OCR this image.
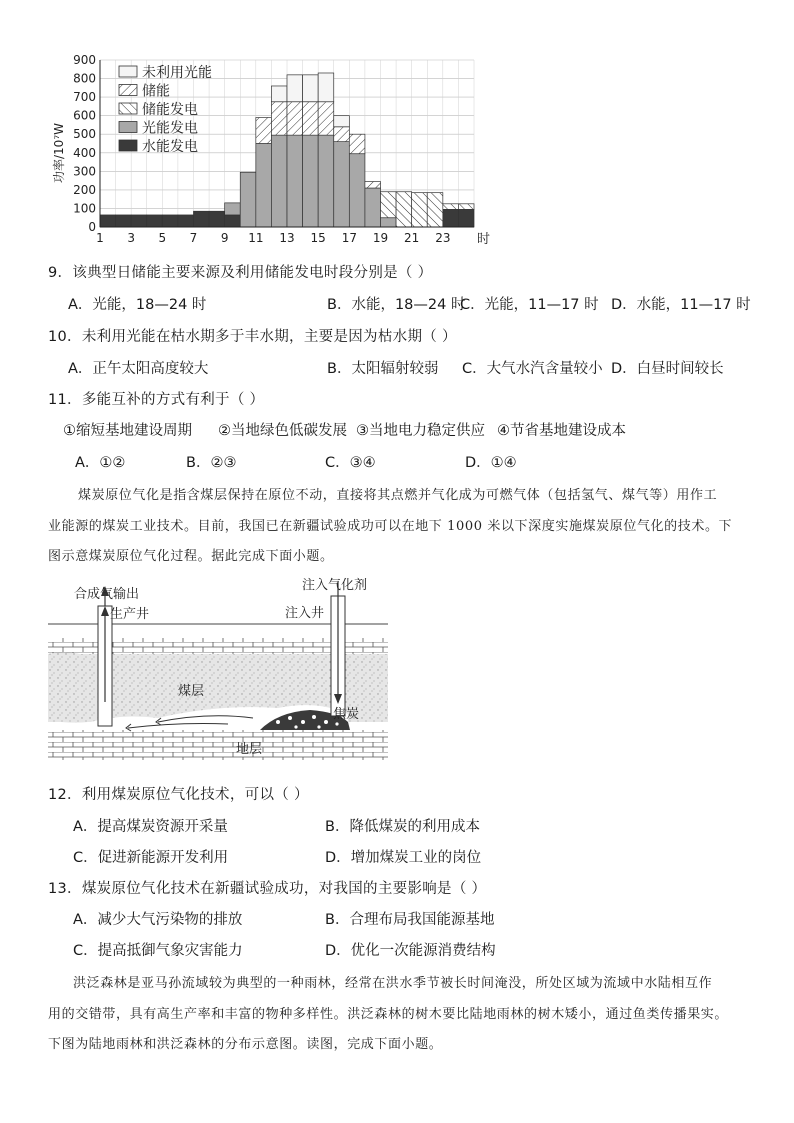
0
100
200
300
400
500
600
700
800
900
1 3 5 7 9 11 13 15 17 19 21 23
未利用光能
储能
储能发电
光能发电
水能发电
功率/10⁷W
时
9．该典型日储能主要来源及利用储能发电时段分别是（ ）
A．光能，18—24 时	B．水能，18—24 时
C．光能，11—17 时 D．水能，11—17 时
10．未利用光能在枯水期多于丰水期，主要是因为枯水期（ ）
A．正午太阳高度较大	B．太阳辐射较弱 C．大气水汽含量较小 D．白昼时间较长
11．多能互补的方式有利于（ ）
①缩短基地建设周期 ②当地绿色低碳发展 ③当地电力稳定供应 ④节省基地建设成本
A．①②	B．②③	C．③④	D．①④
煤炭原位气化是指含煤层保持在原位不动，直接将其点燃并气化成为可燃气体（包括氢气、煤气等）用作工
业能源的煤炭工业技术。目前，我国已在新疆试验成功可以在地下 1000 米以下深度实施煤炭原位气化的技术。下
图示意煤炭原位气化过程。据此完成下面小题。
合成气输出
生产井
注入气化剂
注入井
煤层
焦炭
地层
12．利用煤炭原位气化技术，可以（ ）
A．提高煤炭资源开采量	B．降低煤炭的利用成本
C．促进新能源开发利用	D．增加煤炭工业的岗位
13．煤炭原位气化技术在新疆试验成功，对我国的主要影响是（ ）
A．减少大气污染物的排放	B．合理布局我国能源基地
C．提高抵御气象灾害能力	D．优化一次能源消费结构
洪泛森林是亚马孙流域较为典型的一种雨林，经常在洪水季节被长时间淹没，所处区域为流域中水陆相互作
用的交错带，具有高生产率和丰富的物种多样性。洪泛森林的树木要比陆地雨林的树木矮小，通过鱼类传播果实。
下图为陆地雨林和洪泛森林的分布示意图。读图，完成下面小题。
